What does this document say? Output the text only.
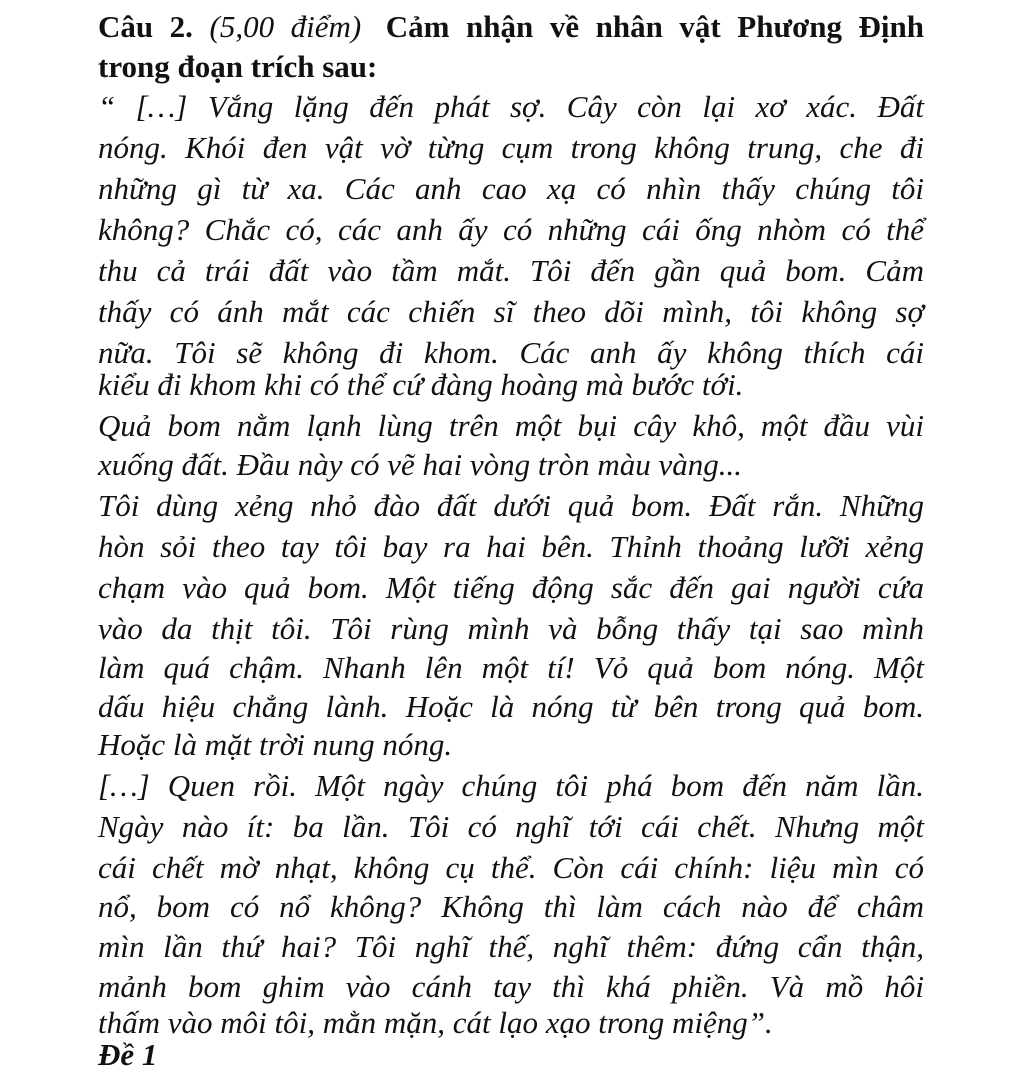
Câu 2. (5,00 điểm) Cảm nhận về nhân vật Phương Định
trong đoạn trích sau:
“ […] Vắng lặng đến phát sợ. Cây còn lại xơ xác. Đất
nóng. Khói đen vật vờ từng cụm trong không trung, che đi
những gì từ xa. Các anh cao xạ có nhìn thấy chúng tôi
không? Chắc có, các anh ấy có những cái ống nhòm có thể
thu cả trái đất vào tầm mắt. Tôi đến gần quả bom. Cảm
thấy có ánh mắt các chiến sĩ theo dõi mình, tôi không sợ
nữa. Tôi sẽ không đi khom. Các anh ấy không thích cái
kiểu đi khom khi có thể cứ đàng hoàng mà bước tới.
Quả bom nằm lạnh lùng trên một bụi cây khô, một đầu vùi
xuống đất. Đầu này có vẽ hai vòng tròn màu vàng...
Tôi dùng xẻng nhỏ đào đất dưới quả bom. Đất rắn. Những
hòn sỏi theo tay tôi bay ra hai bên. Thỉnh thoảng lưỡi xẻng
chạm vào quả bom. Một tiếng động sắc đến gai người cứa
vào da thịt tôi. Tôi rùng mình và bỗng thấy tại sao mình
làm quá chậm. Nhanh lên một tí! Vỏ quả bom nóng. Một
dấu hiệu chẳng lành. Hoặc là nóng từ bên trong quả bom.
Hoặc là mặt trời nung nóng.
[…] Quen rồi. Một ngày chúng tôi phá bom đến năm lần.
Ngày nào ít: ba lần. Tôi có nghĩ tới cái chết. Nhưng một
cái chết mờ nhạt, không cụ thể. Còn cái chính: liệu mìn có
nổ, bom có nổ không? Không thì làm cách nào để châm
mìn lần thứ hai? Tôi nghĩ thế, nghĩ thêm: đứng cẩn thận,
mảnh bom ghim vào cánh tay thì khá phiền. Và mồ hôi
thấm vào môi tôi, mằn mặn, cát lạo xạo trong miệng”.
Đề 1
